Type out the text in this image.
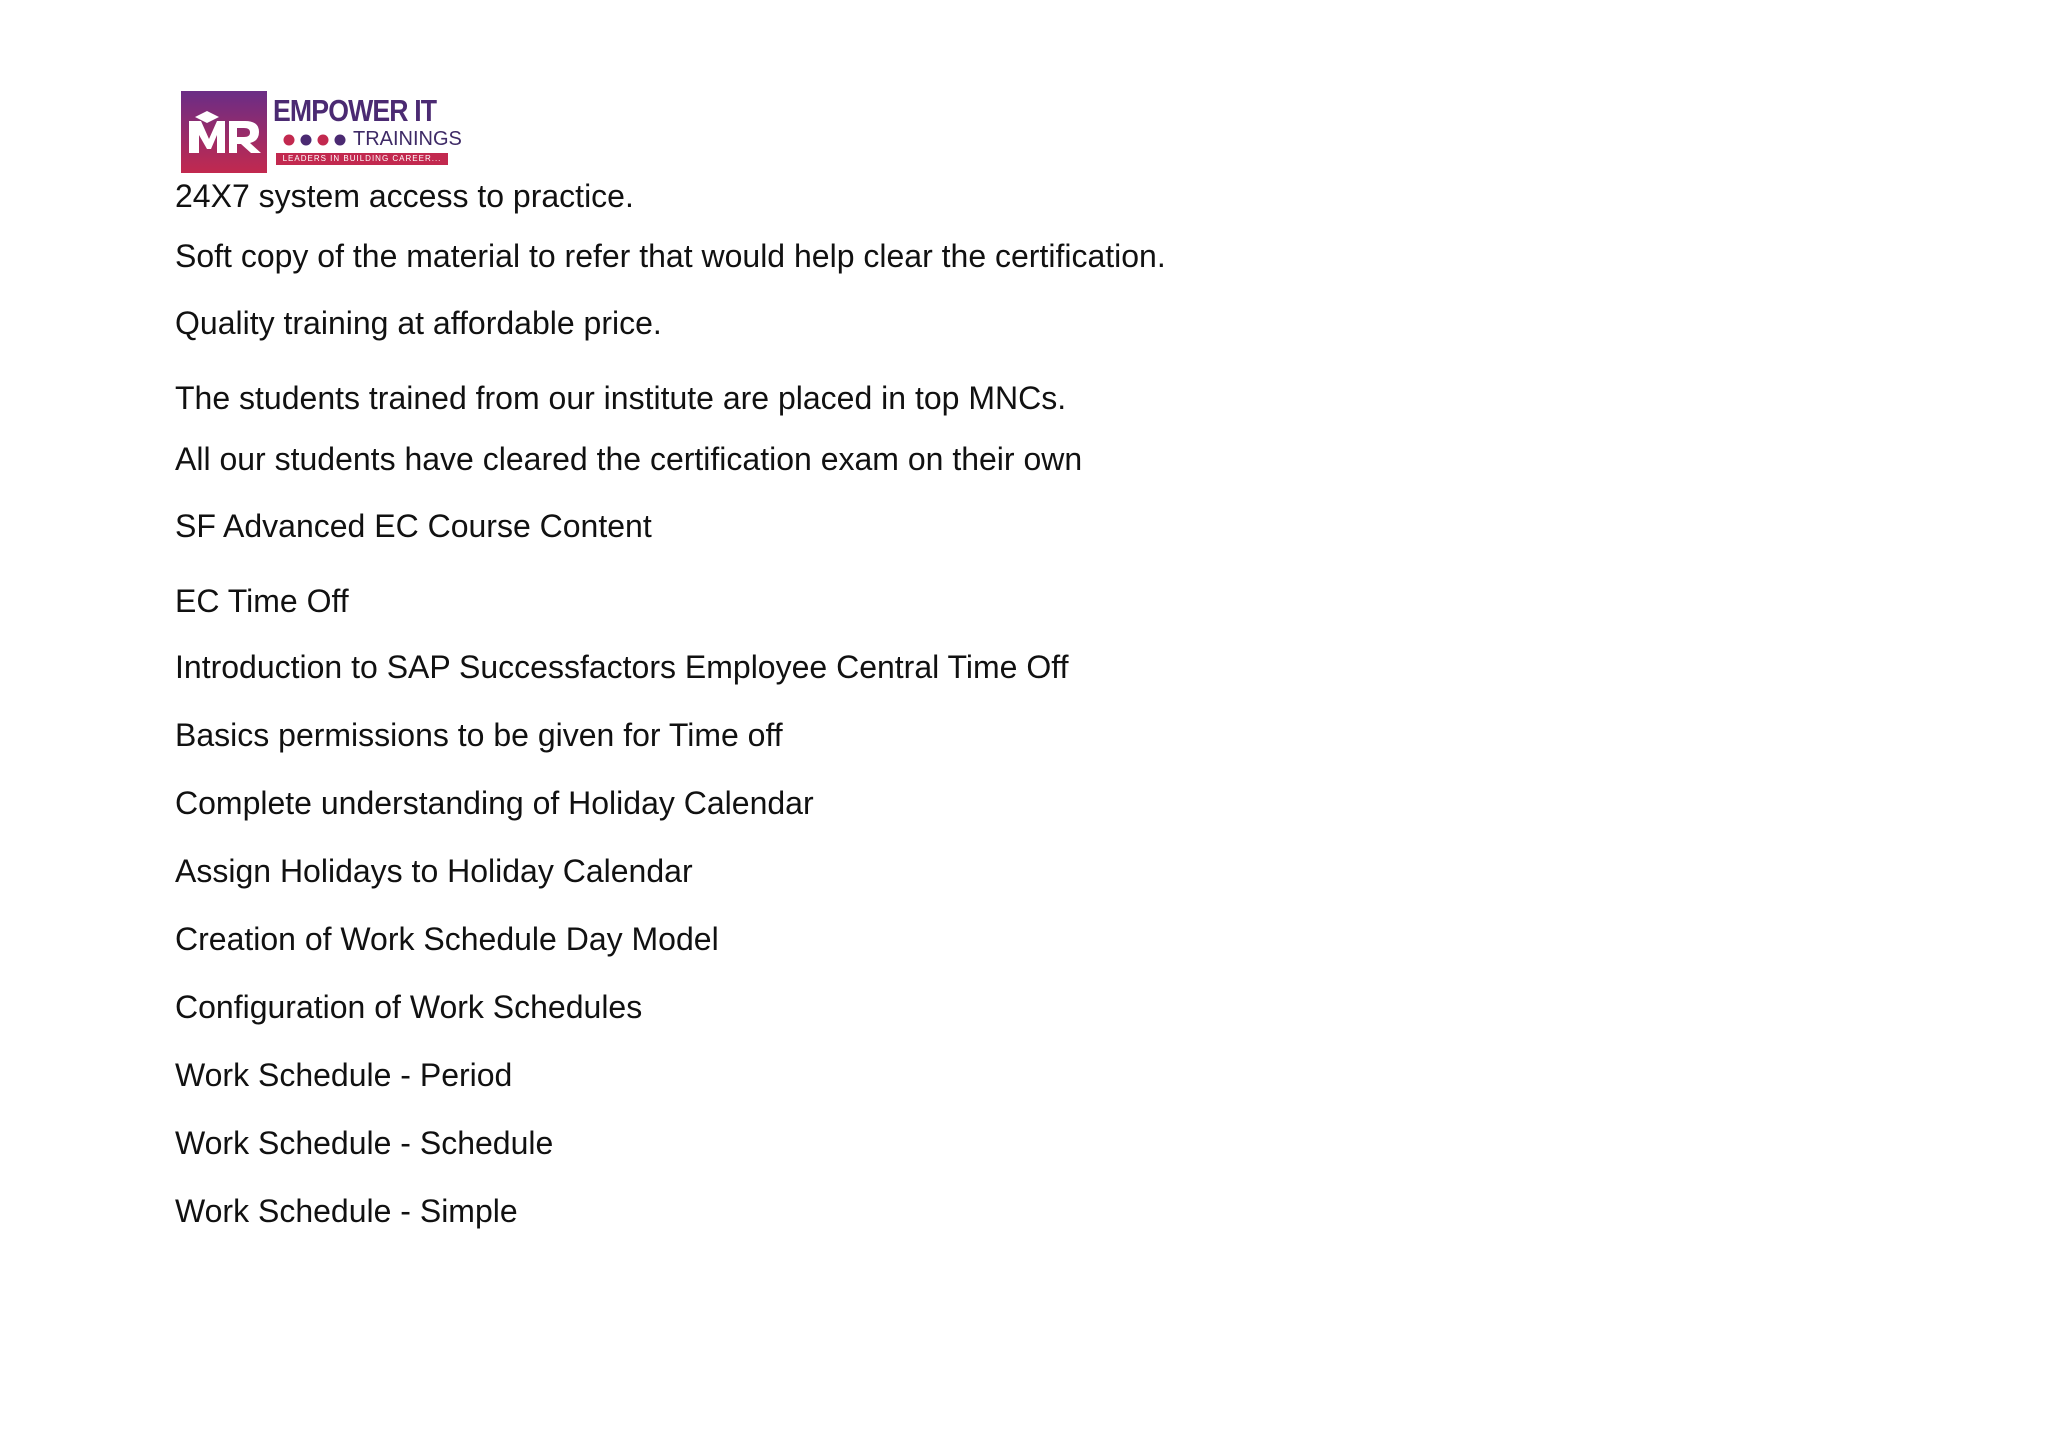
EMPOWER IT
TRAININGS
LEADERS IN BUILDING CAREER...
24X7 system access to practice.
Soft copy of the material to refer that would help clear the certification.
Quality training at affordable price.
The students trained from our institute are placed in top MNCs.
All our students have cleared the certification exam on their own
SF Advanced EC Course Content
EC Time Off
Introduction to SAP Successfactors Employee Central Time Off
Basics permissions to be given for Time off
Complete understanding of Holiday Calendar
Assign Holidays to Holiday Calendar
Creation of Work Schedule Day Model
Configuration of Work Schedules
Work Schedule - Period
Work Schedule - Schedule
Work Schedule - Simple
